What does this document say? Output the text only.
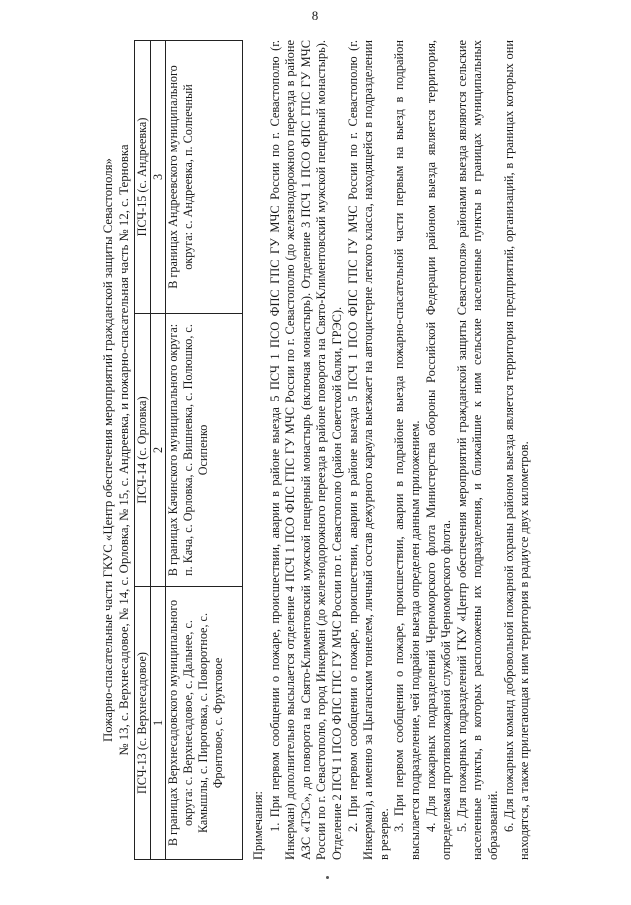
8
Пожарно-спасательные части ГКУС «Центр обеспечения мероприятий гражданской защиты Севастополя» № 13, с. Верхнесадовое, № 14, с. Орловка, № 15, с. Андреевка, и пожарно-спасательная часть № 12, с. Терновка ПСЧ-13 (с. Верхнесадовое)	ПСЧ-14 (с. Орловка)	ПСЧ-15 (с. Андреевка)
1	2	3
В границах Верхнесадовского муниципального округа: с. Верхнесадовое, с. Дальнее, с. Камышлы, с. Пироговка, с. Поворотное, с. Фронтовое, с. Фруктовое	В границах Качинского муниципального округа: п. Кача, с. Орловка, с. Вишневка, с. Полюшко, с. Осипенко	В границах Андреевского муниципального округа: с. Андреевка, п. Солнечный

Примечания: 1. При первом сообщении о пожаре, происшествии, аварии в районе выезда 5 ПСЧ 1 ПСО ФПС ГПС ГУ МЧС России по г. Севастополю (г. Инкерман) дополнительно высылается отделение 4 ПСЧ 1 ПСО ФПС ГПС ГУ МЧС России по г. Севастополю (до железнодорожного переезда в районе АЗС «ТЭС», до поворота на Свято-Климентовский мужской пещерный монастырь (включая монастырь). Отделение 3 ПСЧ 1 ПСО ФПС ГПС ГУ МЧС России по г. Севастополю, город Инкерман (до железнодорожного переезда в районе поворота на Свято-Климентовский мужской пещерный монастырь). Отделение 2 ПСЧ 1 ПСО ФПС ГПС ГУ МЧС России по г. Севастополю (район Советской балки, ГРЭС). 2. При первом сообщении о пожаре, происшествии, аварии в районе выезда 5 ПСЧ 1 ПСО ФПС ГПС ГУ МЧС России по г. Севастополю (г. Инкерман), а именно за Цыганским тоннелем, личный состав дежурного караула выезжает на автоцистерне легкого класса, находящейся в подразделении в резерве.

3. При первом сообщении о пожаре, происшествии, аварии в подрайоне выезда пожарно-спасательной части первым на выезд в подрайон высылается подразделение, чей подрайон выезда определен данным приложением. 4. Для пожарных подразделений Черноморского флота Министерства обороны Российской Федерации районом выезда является территория, определяемая противопожарной службой Черноморского флота. 5. Для пожарных подразделений ГКУ «Центр обеспечения мероприятий гражданской защиты Севастополя» районами выезда являются сельские населенные пункты, в которых расположены их подразделения, и ближайшие к ним сельские населенные пункты в границах муниципальных образований. 6. Для пожарных команд добровольной пожарной охраны районом выезда является территория предприятий, организаций, в границах которых они находятся, а также прилегающая к ним территория в радиусе двух километров.
